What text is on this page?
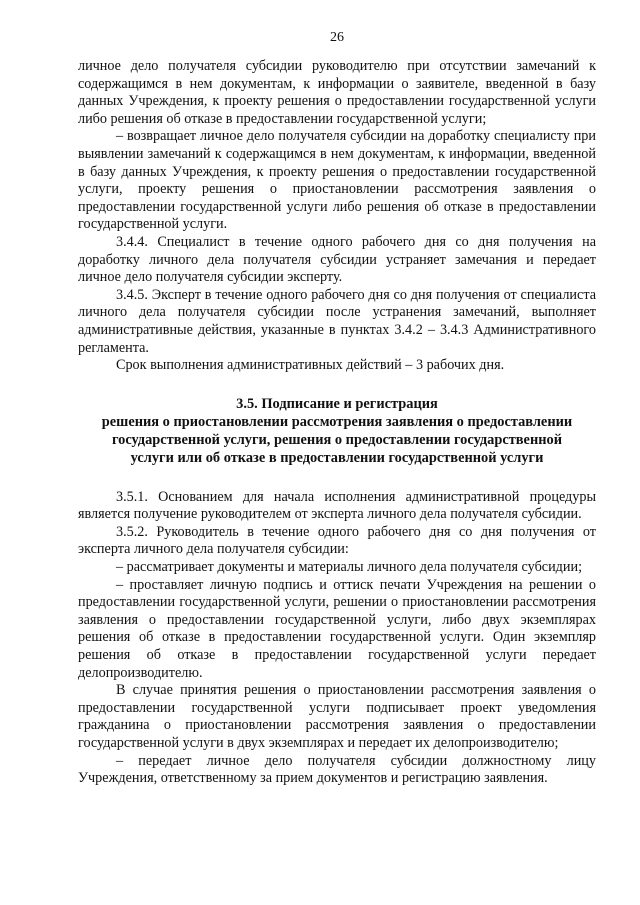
26

личное дело получателя субсидии руководителю при отсутствии замечаний к содержащимся в нем документам, к информации о заявителе, введенной в базу данных Учреждения, к проекту решения о предоставлении государственной услуги либо решения об отказе в предоставлении государственной услуги;

– возвращает личное дело получателя субсидии на доработку специалисту при выявлении замечаний к содержащимся в нем документам, к информации, введенной в базу данных Учреждения, к проекту решения о предоставлении государственной услуги, проекту решения о приостановлении рассмотрения заявления о предоставлении государственной услуги либо решения об отказе в предоставлении государственной услуги.

3.4.4. Специалист в течение одного рабочего дня со дня получения на доработку личного дела получателя субсидии устраняет замечания и передает личное дело получателя субсидии эксперту.

3.4.5. Эксперт в течение одного рабочего дня со дня получения от специалиста личного дела получателя субсидии после устранения замечаний, выполняет административные действия, указанные в пунктах 3.4.2 – 3.4.3 Административного регламента.

Срок выполнения административных действий – 3 рабочих дня.

3.5. Подписание и регистрация
решения о приостановлении рассмотрения заявления о предоставлении
государственной услуги, решения о предоставлении государственной
услуги или об отказе в предоставлении государственной услуги

3.5.1. Основанием для начала исполнения административной процедуры является получение руководителем от эксперта личного дела получателя субсидии.

3.5.2. Руководитель в течение одного рабочего дня со дня получения от эксперта личного дела получателя субсидии:

– рассматривает документы и материалы личного дела получателя субсидии;

– проставляет личную подпись и оттиск печати Учреждения на решении о предоставлении государственной услуги, решении о приостановлении рассмотрения заявления о предоставлении государственной услуги, либо двух экземплярах решения об отказе в предоставлении государственной услуги. Один экземпляр решения об отказе в предоставлении государственной услуги передает делопроизводителю.

В случае принятия решения о приостановлении рассмотрения заявления о предоставлении государственной услуги подписывает проект уведомления гражданина о приостановлении рассмотрения заявления о предоставлении государственной услуги в двух экземплярах и передает их делопроизводителю;

– передает личное дело получателя субсидии должностному лицу Учреждения, ответственному за прием документов и регистрацию заявления.
